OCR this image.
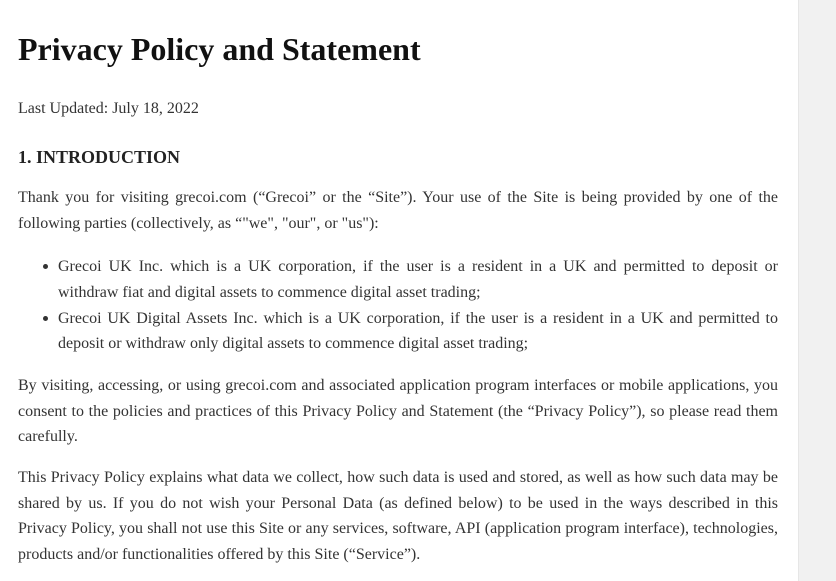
Privacy Policy and Statement

Last Updated: July 18, 2022

1. INTRODUCTION

Thank you for visiting grecoi.com (“Grecoi” or the “Site”). Your use of the Site is being provided by one of the following parties (collectively, as “"we", "our", or "us"):

Grecoi UK Inc. which is a UK corporation, if the user is a resident in a UK and permitted to deposit or withdraw fiat and digital assets to commence digital asset trading;
Grecoi UK Digital Assets Inc. which is a UK corporation, if the user is a resident in a UK and permitted to deposit or withdraw only digital assets to commence digital asset trading;

By visiting, accessing, or using grecoi.com and associated application program interfaces or mobile applications, you consent to the policies and practices of this Privacy Policy and Statement (the “Privacy Policy”), so please read them carefully.

This Privacy Policy explains what data we collect, how such data is used and stored, as well as how such data may be shared by us. If you do not wish your Personal Data (as defined below) to be used in the ways described in this Privacy Policy, you shall not use this Site or any services, software, API (application program interface), technologies, products and/or functionalities offered by this Site (“Service”).
